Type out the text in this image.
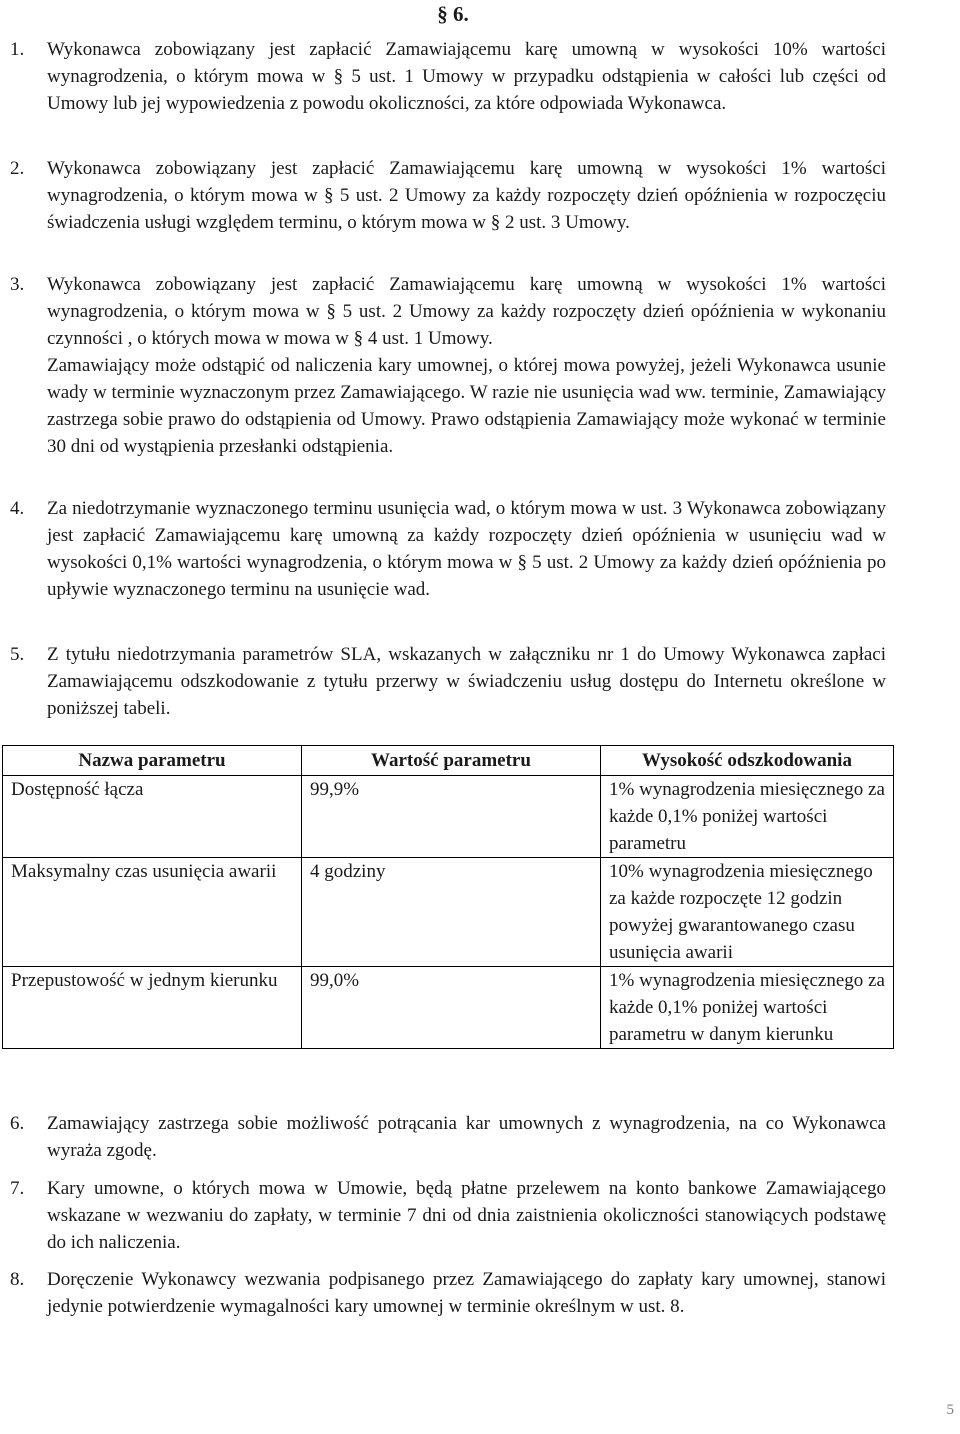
§ 6.
1. Wykonawca zobowiązany jest zapłacić Zamawiającemu karę umowną w wysokości 10% wartości wynagrodzenia, o którym mowa w § 5 ust. 1 Umowy w przypadku odstąpienia w całości lub części od Umowy lub jej wypowiedzenia z powodu okoliczności, za które odpowiada Wykonawca.
2. Wykonawca zobowiązany jest zapłacić Zamawiającemu karę umowną w wysokości 1% wartości wynagrodzenia, o którym mowa w § 5 ust. 2 Umowy za każdy rozpoczęty dzień opóźnienia w rozpoczęciu świadczenia usługi względem terminu, o którym mowa w § 2 ust. 3 Umowy.
3. Wykonawca zobowiązany jest zapłacić Zamawiającemu karę umowną w wysokości 1% wartości wynagrodzenia, o którym mowa w § 5 ust. 2 Umowy za każdy rozpoczęty dzień opóźnienia w wykonaniu czynności , o których mowa w mowa w § 4 ust. 1 Umowy.

Zamawiający może odstąpić od naliczenia kary umownej, o której mowa powyżej, jeżeli Wykonawca usunie wady w terminie wyznaczonym przez Zamawiającego. W razie nie usunięcia wad ww. terminie, Zamawiający zastrzega sobie prawo do odstąpienia od Umowy. Prawo odstąpienia Zamawiający może wykonać w terminie 30 dni od wystąpienia przesłanki odstąpienia.

4. Za niedotrzymanie wyznaczonego terminu usunięcia wad, o którym mowa w ust. 3 Wykonawca zobowiązany jest zapłacić Zamawiającemu karę umowną za każdy rozpoczęty dzień opóźnienia w usunięciu wad w wysokości 0,1% wartości wynagrodzenia, o którym mowa w § 5 ust. 2 Umowy za każdy dzień opóźnienia po upływie wyznaczonego terminu na usunięcie wad.
5. Z tytułu niedotrzymania parametrów SLA, wskazanych w załączniku nr 1 do Umowy Wykonawca zapłaci Zamawiającemu odszkodowanie z tytułu przerwy w świadczeniu usług dostępu do Internetu określone w poniższej tabeli.
Nazwa parametru	Wartość parametru	Wysokość odszkodowania
Dostępność łącza	99,9%	1% wynagrodzenia miesięcznego za każde 0,1% poniżej wartości parametru
Maksymalny czas usunięcia awarii	4 godziny	10% wynagrodzenia miesięcznego za każde rozpoczęte 12 godzin powyżej gwarantowanego czasu usunięcia awarii
Przepustowość w jednym kierunku	99,0%	1% wynagrodzenia miesięcznego za każde 0,1% poniżej wartości parametru w danym kierunku
6. Zamawiający zastrzega sobie możliwość potrącania kar umownych z wynagrodzenia, na co Wykonawca wyraża zgodę.
7. Kary umowne, o których mowa w Umowie, będą płatne przelewem na konto bankowe Zamawiającego wskazane w wezwaniu do zapłaty, w terminie 7 dni od dnia zaistnienia okoliczności stanowiących podstawę do ich naliczenia.
8. Doręczenie Wykonawcy wezwania podpisanego przez Zamawiającego do zapłaty kary umownej, stanowi jedynie potwierdzenie wymagalności kary umownej w terminie określnym w ust. 8.
5
